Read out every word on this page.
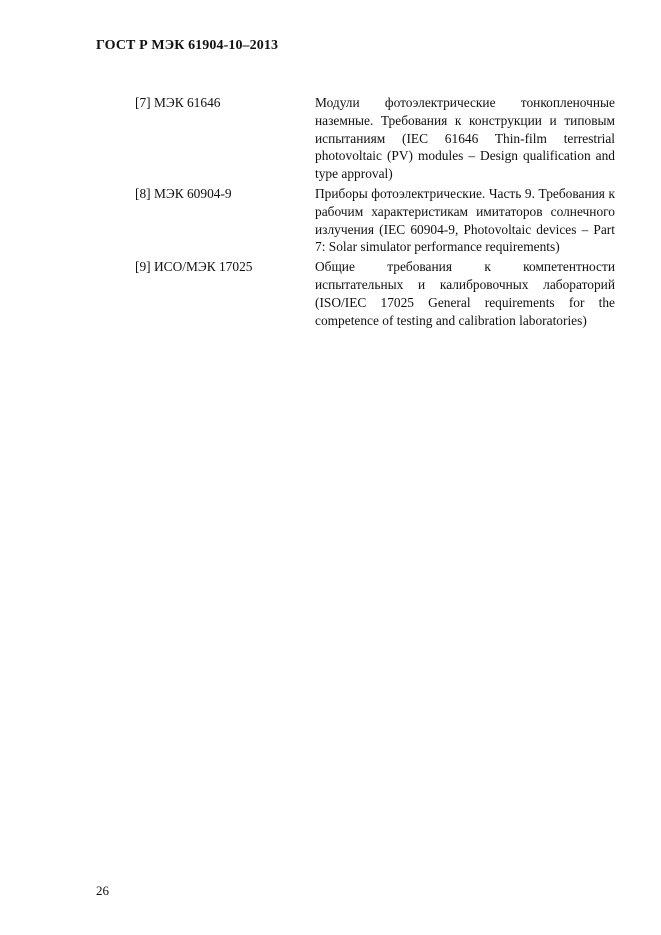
ГОСТ Р МЭК 61904-10–2013
[7] МЭК 61646	Модули фотоэлектрические тонкопленочные наземные. Требования к конструкции и типовым испытаниям (IEC 61646 Thin-film terrestrial photovoltaic (PV) modules – Design qualification and type approval)
[8] МЭК 60904-9	Приборы фотоэлектрические. Часть 9. Требования к рабочим характеристикам имитаторов солнечного излучения (IEC 60904-9, Photovoltaic devices – Part 7: Solar simulator performance requirements)
[9] ИСО/МЭК 17025	Общие требования к компетентности испытательных и калибровочных лабораторий (ISO/IEC 17025 General requirements for the competence of testing and calibration laboratories)
26
